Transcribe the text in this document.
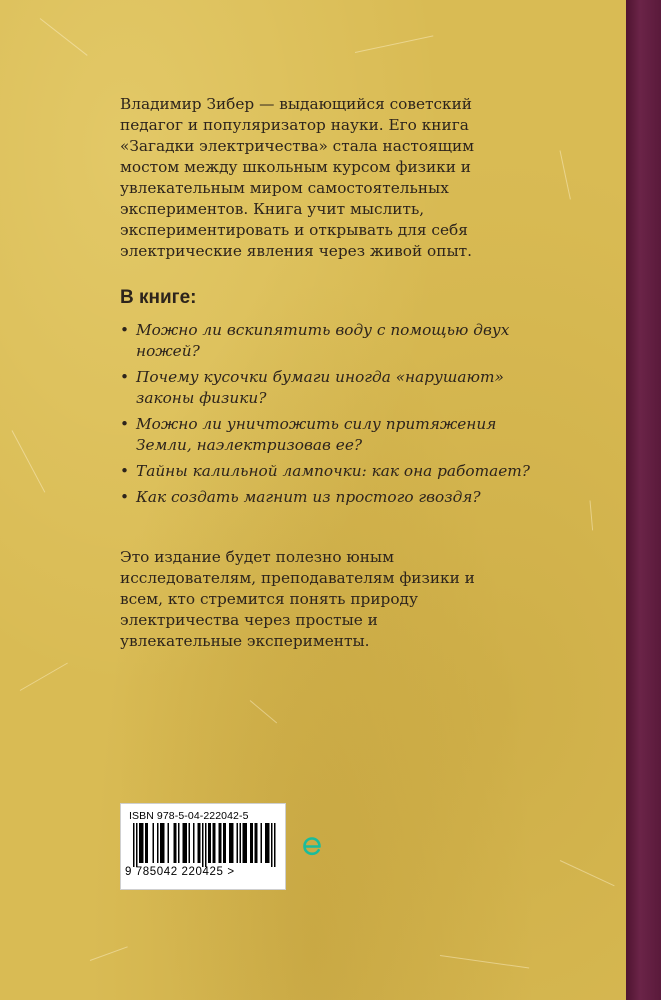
Владимир Зибер — выдающийся советский педагог и популяризатор науки. Его книга «Загадки электричества» стала настоящим мостом между школьным курсом физики и увлекательным миром самостоятельных экспериментов. Книга учит мыслить, экспериментировать и открывать для себя электрические явления через живой опыт.
В книге:
• Можно ли вскипятить воду с помощью двух ножей?
• Почему кусочки бумаги иногда «нарушают» законы физики?
• Можно ли уничтожить силу притяжения Земли, наэлектризовав ее?
• Тайны калильной лампочки: как она работает?
• Как создать магнит из простого гвоздя?
Это издание будет полезно юным исследователям, преподавателям физики и всем, кто стремится понять природу электричества через простые и увлекательные эксперименты.
ISBN 978-5-04-222042-5
9 785042 220425 >
